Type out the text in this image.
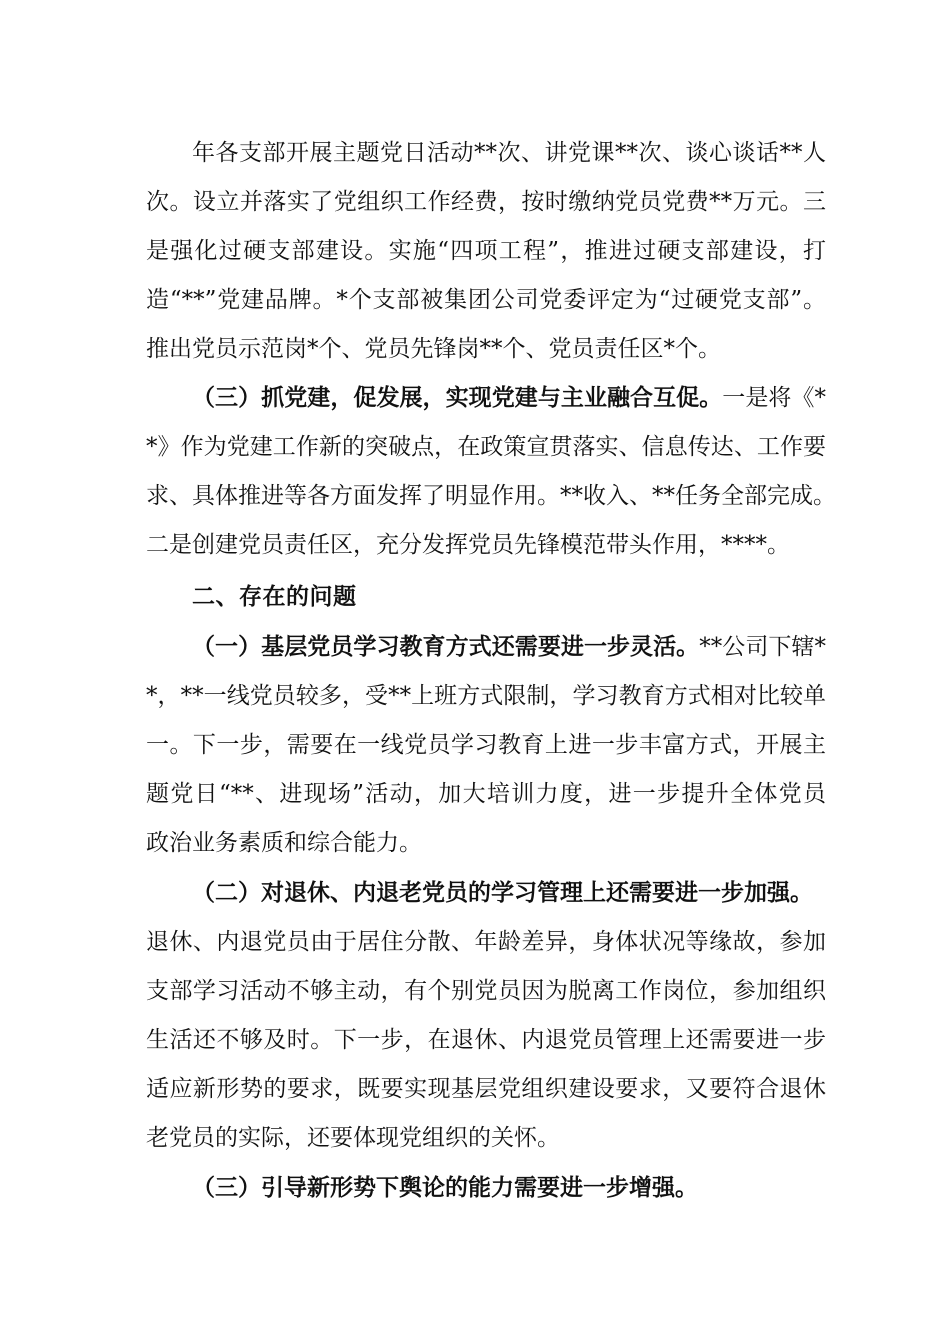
年各支部开展主题党日活动**次、讲党课**次、谈心谈话**人
次。设立并落实了党组织工作经费，按时缴纳党员党费**万元。三
是强化过硬支部建设。实施“四项工程”，推进过硬支部建设，打
造“**”党建品牌。*个支部被集团公司党委评定为“过硬党支部”。
推出党员示范岗*个、党员先锋岗**个、党员责任区*个。
（三）抓党建，促发展，实现党建与主业融合互促。一是将《*
*》作为党建工作新的突破点，在政策宣贯落实、信息传达、工作要
求、具体推进等各方面发挥了明显作用。**收入、**任务全部完成。
二是创建党员责任区，充分发挥党员先锋模范带头作用，****。
二、存在的问题
（一）基层党员学习教育方式还需要进一步灵活。**公司下辖*
*，**一线党员较多，受**上班方式限制，学习教育方式相对比较单
一。下一步，需要在一线党员学习教育上进一步丰富方式，开展主
题党日“**、进现场”活动，加大培训力度，进一步提升全体党员
政治业务素质和综合能力。
（二）对退休、内退老党员的学习管理上还需要进一步加强。
退休、内退党员由于居住分散、年龄差异，身体状况等缘故，参加
支部学习活动不够主动，有个别党员因为脱离工作岗位，参加组织
生活还不够及时。下一步，在退休、内退党员管理上还需要进一步
适应新形势的要求，既要实现基层党组织建设要求，又要符合退休
老党员的实际，还要体现党组织的关怀。
（三）引导新形势下舆论的能力需要进一步增强。
